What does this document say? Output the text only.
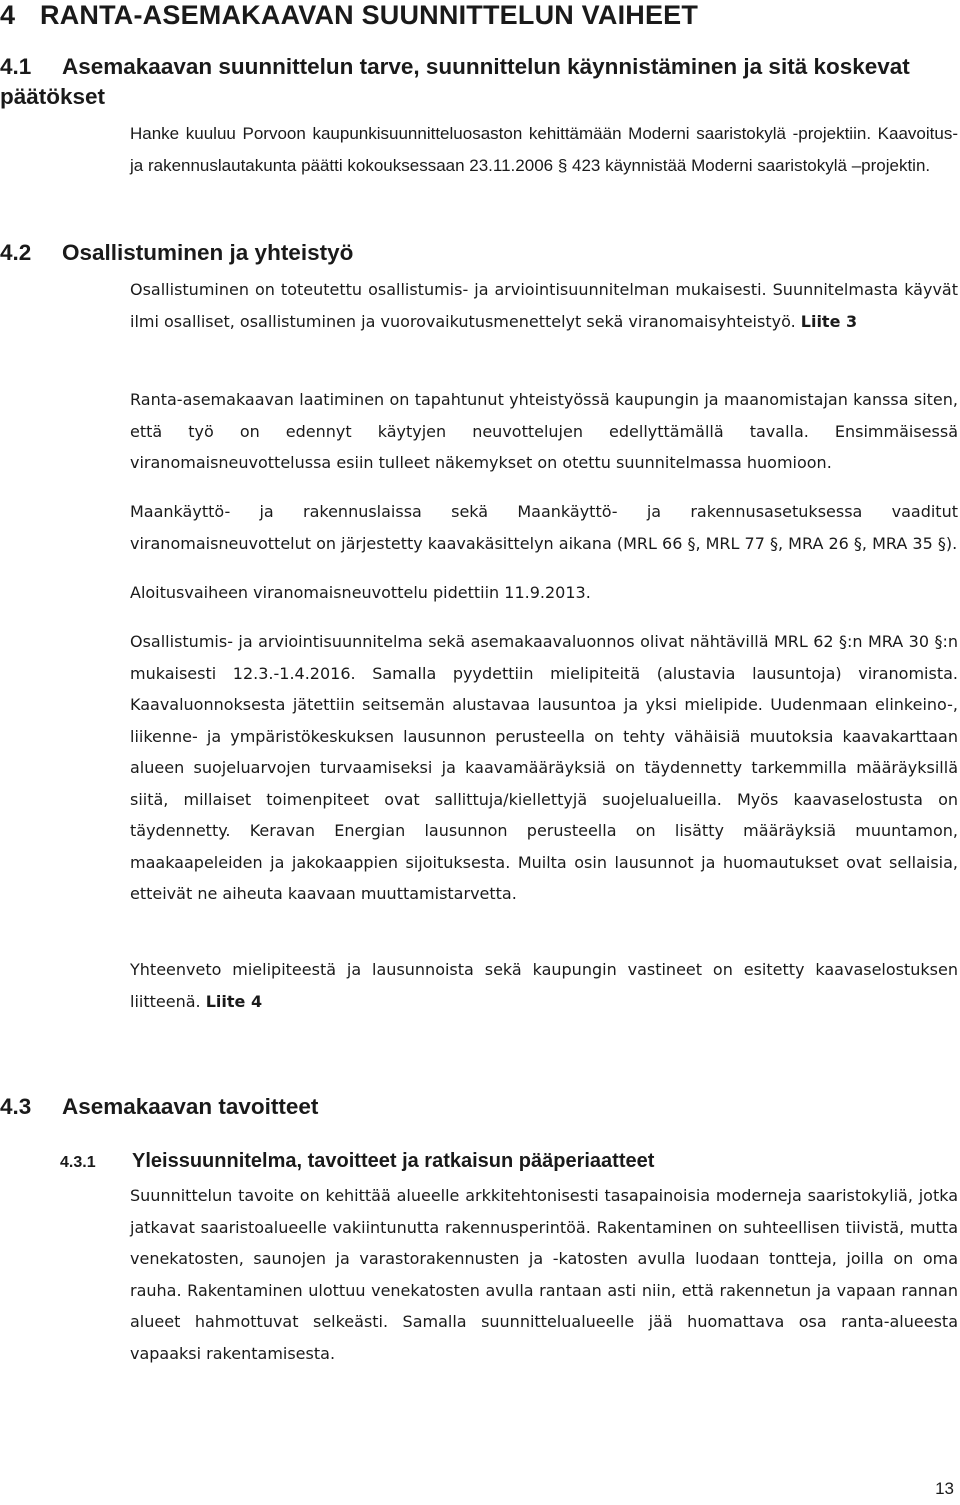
4 RANTA-ASEMAKAAVAN SUUNNITTELUN VAIHEET
4.1 Asemakaavan suunnittelun tarve, suunnittelun käynnistäminen ja sitä koskevat päätökset
Hanke kuuluu Porvoon kaupunkisuunnitteluosaston kehittämään Moderni saaristokylä -projektiin. Kaavoitus- ja rakennuslautakunta päätti kokouksessaan 23.11.2006 § 423 käynnistää Moderni saaristokylä –projektin.
4.2 Osallistuminen ja yhteistyö
Osallistuminen on toteutettu osallistumis- ja arviointisuunnitelman mukaisesti. Suunnitelmasta käyvät ilmi osalliset, osallistuminen ja vuorovaikutusmenettelyt sekä viranomaisyhteistyö. Liite 3
Ranta-asemakaavan laatiminen on tapahtunut yhteistyössä kaupungin ja maanomistajan kanssa siten, että työ on edennyt käytyjen neuvottelujen edellyttämällä tavalla. Ensimmäisessä viranomaisneuvottelussa esiin tulleet näkemykset on otettu suunnitelmassa huomioon.
Maankäyttö- ja rakennuslaissa sekä Maankäyttö- ja rakennusasetuksessa vaaditut viranomaisneuvottelut on järjestetty kaavakäsittelyn aikana (MRL 66 §, MRL 77 §, MRA 26 §, MRA 35 §).
Aloitusvaiheen viranomaisneuvottelu pidettiin 11.9.2013.
Osallistumis- ja arviointisuunnitelma sekä asemakaavaluonnos olivat nähtävillä MRL 62 §:n MRA 30 §:n mukaisesti 12.3.-1.4.2016. Samalla pyydettiin mielipiteitä (alustavia lausuntoja) viranomista. Kaavaluonnoksesta jätettiin seitsemän alustavaa lausuntoa ja yksi mielipide. Uudenmaan elinkeino-, liikenne- ja ympäristökeskuksen lausunnon perusteella on tehty vähäisiä muutoksia kaavakarttaan alueen suojeluarvojen turvaamiseksi ja kaavamääräyksiä on täydennetty tarkemmilla määräyksillä siitä, millaiset toimenpiteet ovat sallittuja/kiellettyjä suojelualueilla. Myös kaavaselostusta on täydennetty. Keravan Energian lausunnon perusteella on lisätty määräyksiä muuntamon, maakaapeleiden ja jakokaappien sijoituksesta. Muilta osin lausunnot ja huomautukset ovat sellaisia, etteivät ne aiheuta kaavaan muuttamistarvetta.
Yhteenveto mielipiteestä ja lausunnoista sekä kaupungin vastineet on esitetty kaavaselostuksen liitteenä. Liite 4
4.3 Asemakaavan tavoitteet
4.3.1 Yleissuunnitelma, tavoitteet ja ratkaisun pääperiaatteet
Suunnittelun tavoite on kehittää alueelle arkkitehtonisesti tasapainoisia moderneja saaristokyliä, jotka jatkavat saaristoalueelle vakiintunutta rakennusperintöä. Rakentaminen on suhteellisen tiivistä, mutta venekatosten, saunojen ja varastorakennusten ja -katosten avulla luodaan tontteja, joilla on oma rauha. Rakentaminen ulottuu venekatosten avulla rantaan asti niin, että rakennetun ja vapaan rannan alueet hahmottuvat selkeästi. Samalla suunnittelualueelle jää huomattava osa ranta-alueesta vapaaksi rakentamisesta.
13
